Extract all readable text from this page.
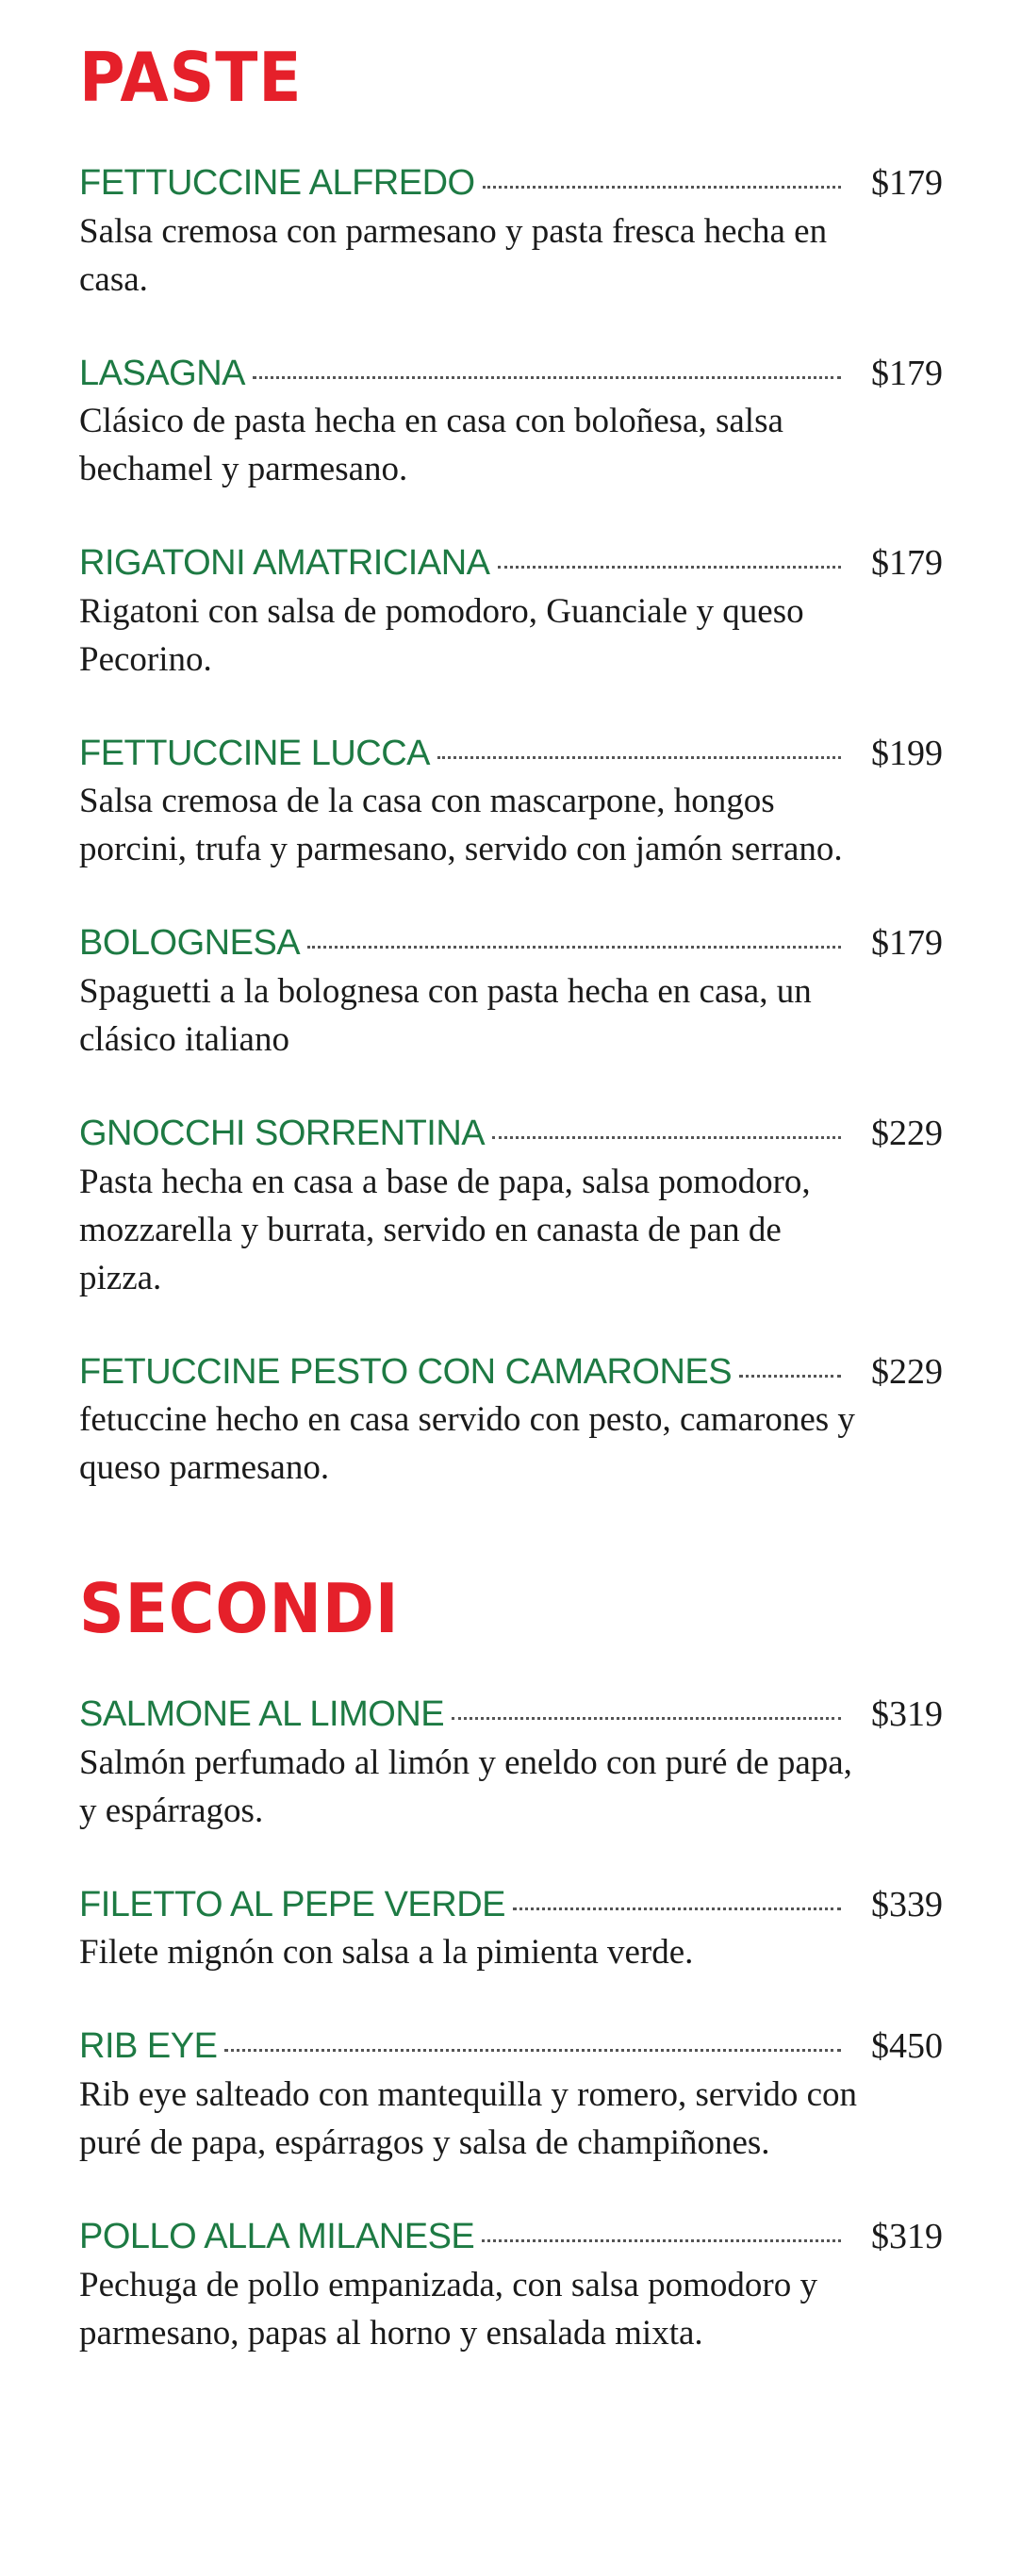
PASTE
FETTUCCINE ALFREDO	$179
Salsa cremosa con parmesano y pasta fresca hecha en casa.
LASAGNA	$179
Clásico de pasta hecha en casa con boloñesa, salsa bechamel y parmesano.
RIGATONI AMATRICIANA	$179
Rigatoni con salsa de pomodoro, Guanciale y queso Pecorino.
FETTUCCINE LUCCA	$199
Salsa cremosa de la casa con mascarpone, hongos porcini, trufa y parmesano, servido con jamón serrano.
BOLOGNESA	$179
Spaguetti a la bolognesa con pasta hecha en casa, un clásico italiano
GNOCCHI SORRENTINA	$229
Pasta hecha en casa a base de papa, salsa pomodoro, mozzarella y burrata, servido en canasta de pan de pizza.
FETUCCINE PESTO CON CAMARONES	$229
fetuccine hecho en casa servido con pesto, camarones y queso parmesano.
SECONDI
SALMONE AL LIMONE	$319
Salmón perfumado al limón y eneldo con puré de papa, y espárragos.
FILETTO AL PEPE VERDE	$339
Filete mignón con salsa a la pimienta verde.
RIB EYE	$450
Rib eye salteado con mantequilla y romero, servido con puré de papa, espárragos y salsa de champiñones.
POLLO ALLA MILANESE	$319
Pechuga de pollo empanizada, con salsa pomodoro y parmesano, papas al horno y ensalada mixta.
